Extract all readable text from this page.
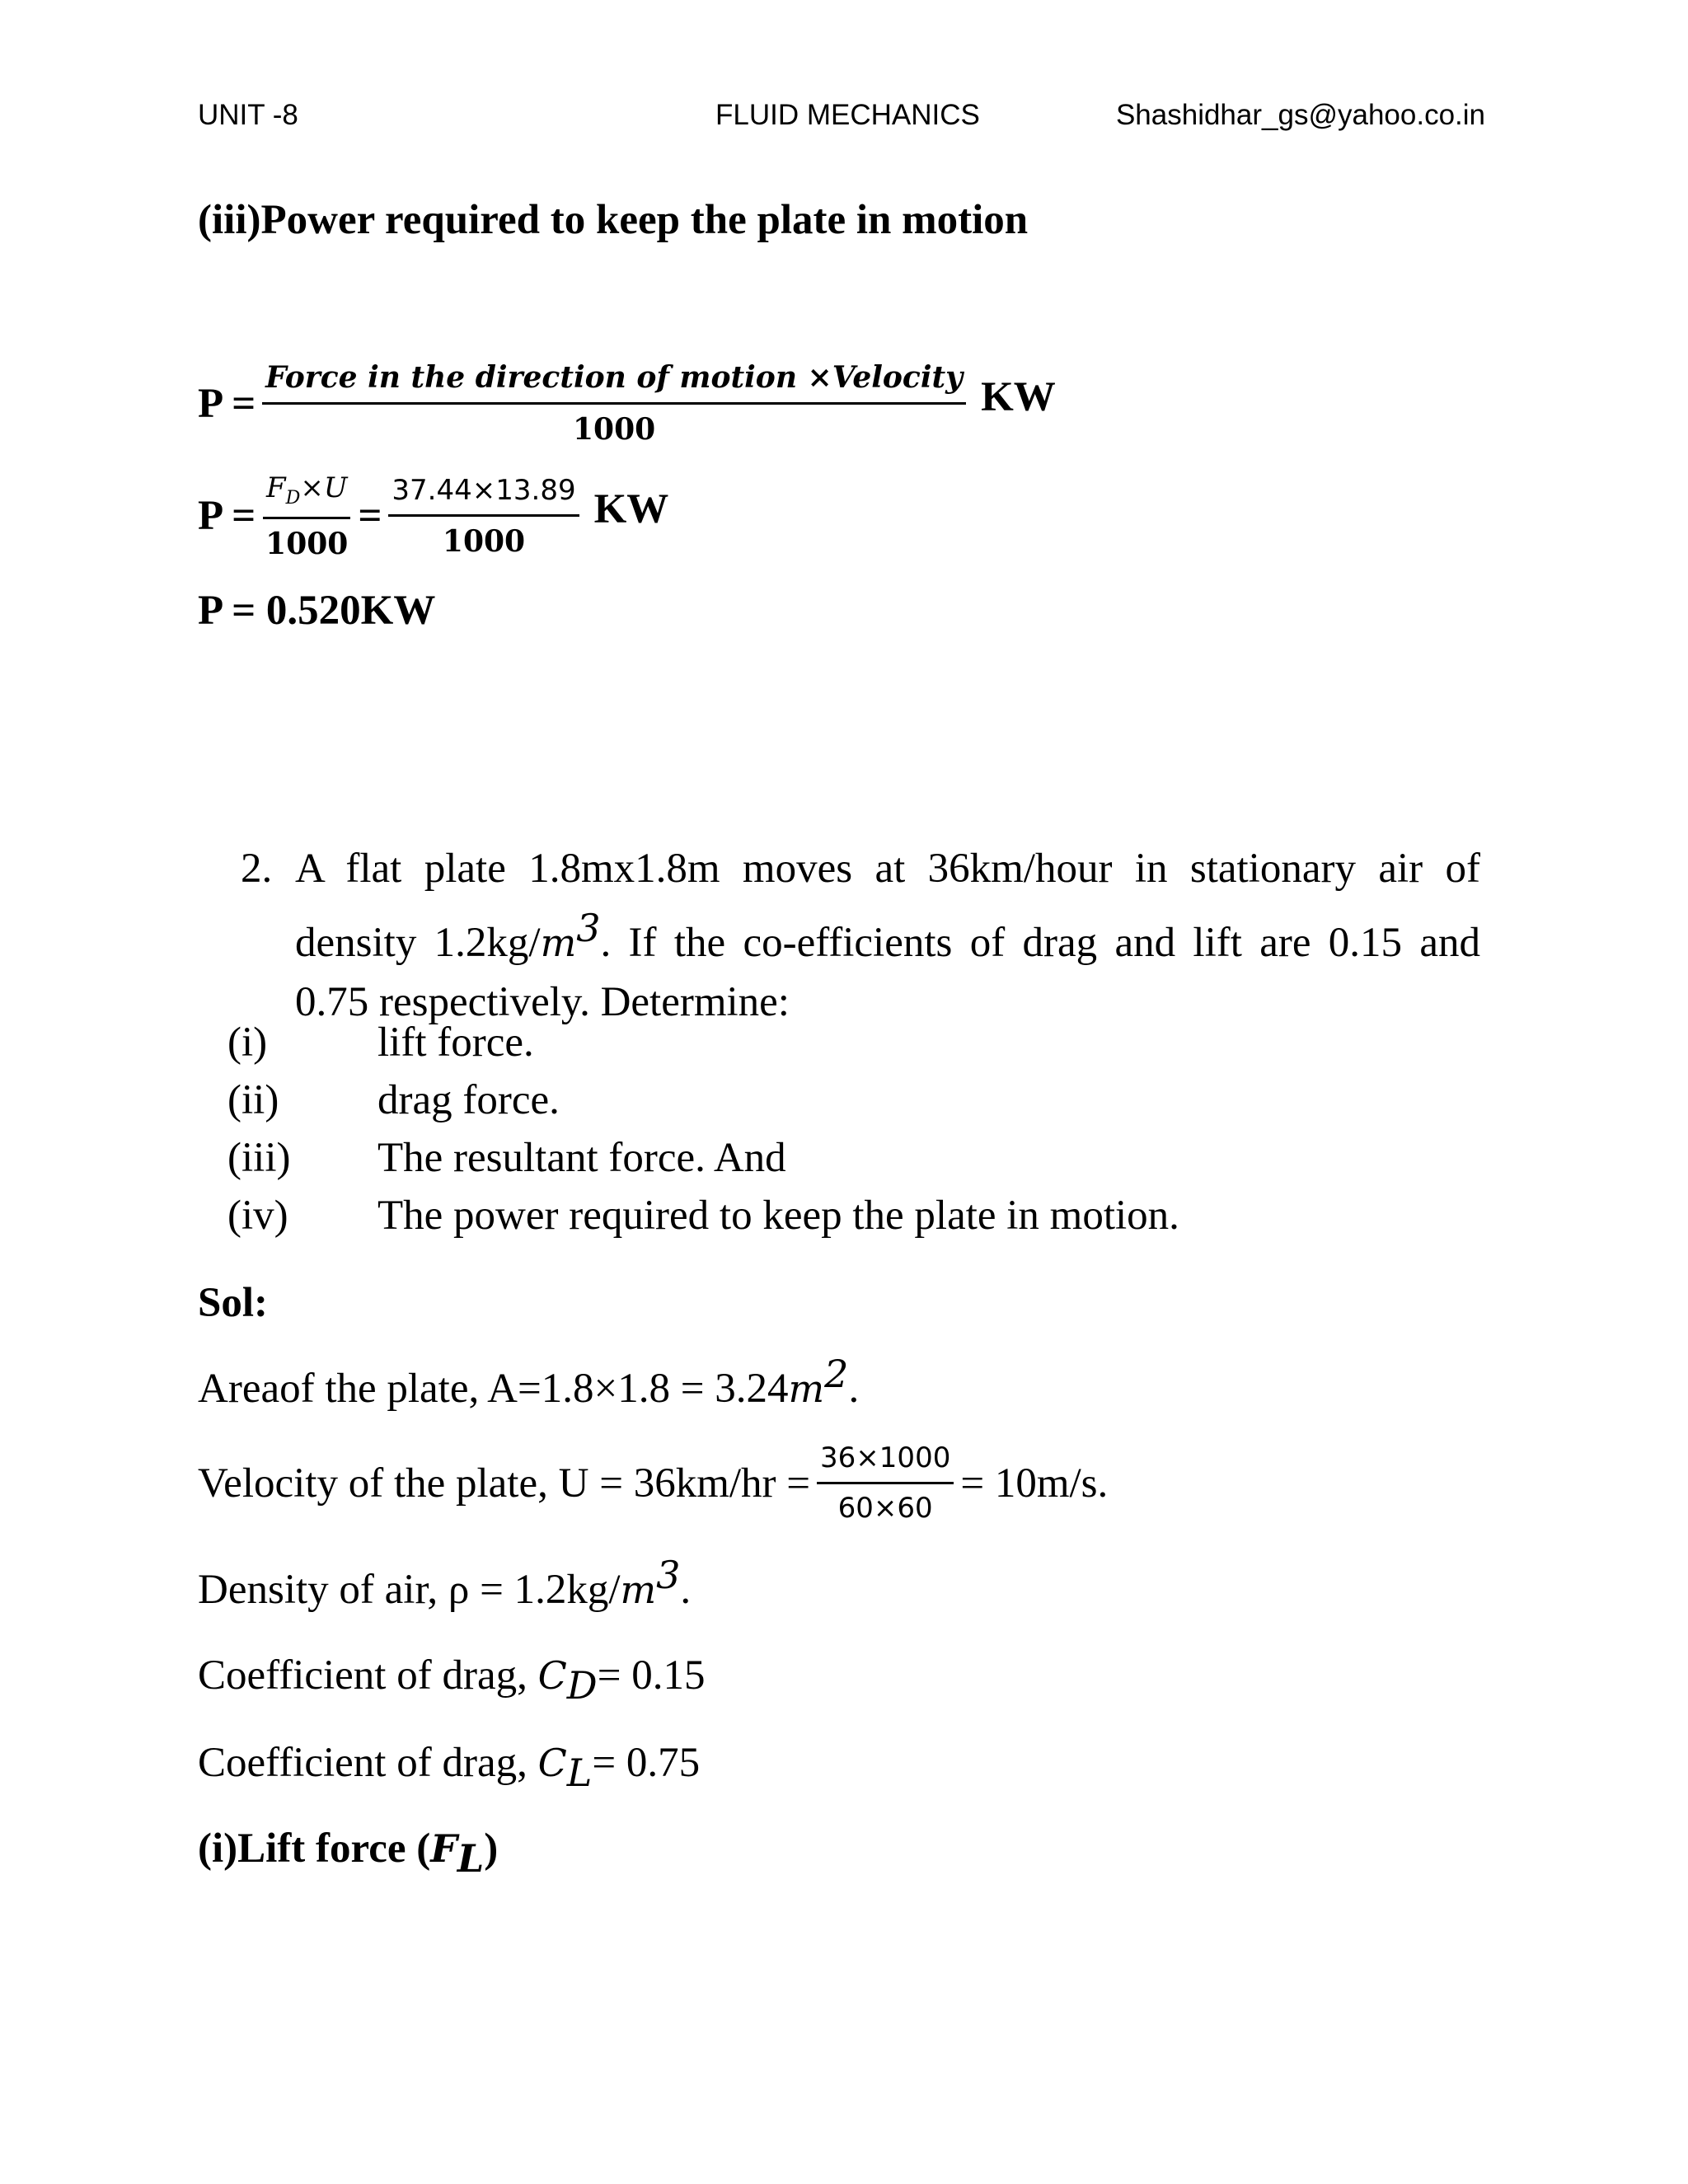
UNIT -8	FLUID MECHANICS	Shashidhar_gs@yahoo.co.in
(iii)Power required to keep the plate in motion
$P = \frac{\text{Force in the direction of motion ×Velocity}}{1000}$ KW
$P = \frac{F_D\times U}{1000} = \frac{37.44\times 13.89}{1000}$ KW
P = 0.520KW
2. A flat plate 1.8mx1.8m moves at 36km/hour in stationary air of density $1.2kg/m^3$. If the co-efficients of drag and lift are 0.15 and 0.75 respectively. Determine:
(i)	lift force.
(ii) drag force.
(iii) The resultant force. And
(iv) The power required to keep the plate in motion.
Sol:
Areaof the plate, A=1.8×1.8 = 3.24 $m^2$ .
Velocity of the plate, $U = 36km/hr = \frac{36\times 1000}{60\times 60} = 10m/s$.
Density of air, ρ = 1.2kg/ $m^3$ .
Coefficient of drag, $C_D = 0.15$
Coefficient of drag, $C_L = 0.75$
(i)Lift force ( $F_L$ )
